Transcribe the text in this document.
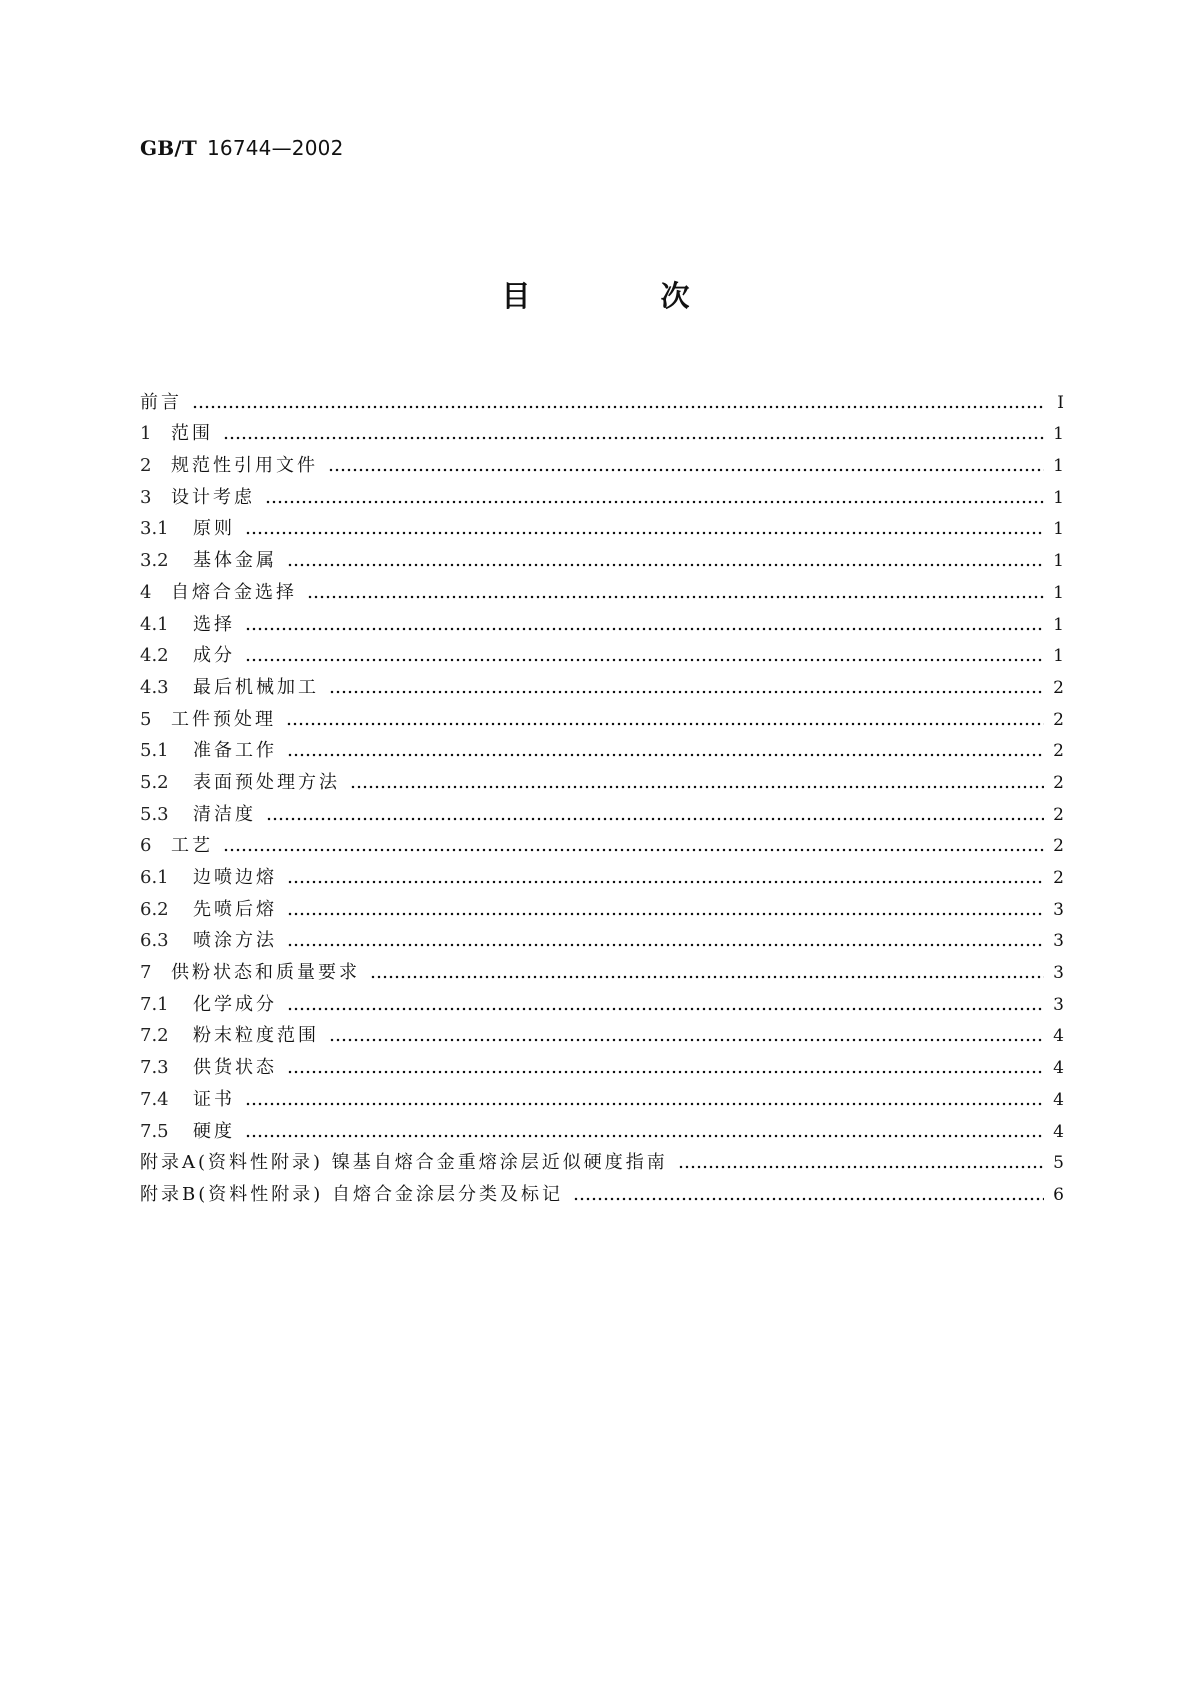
GB/T 16744—2002
目 次
前言	Ⅰ
1	范围	1
2	规范性引用文件	1
3	设计考虑	1
3.1	原则	1
3.2	基体金属	1
4	自熔合金选择	1
4.1	选择	1
4.2	成分	1
4.3	最后机械加工	2
5	工件预处理	2
5.1	准备工作	2
5.2	表面预处理方法	2
5.3	清洁度	2
6	工艺	2
6.1	边喷边熔	2
6.2	先喷后熔	3
6.3	喷涂方法	3
7	供粉状态和质量要求	3
7.1	化学成分	3
7.2	粉末粒度范围	4
7.3	供货状态	4
7.4	证书	4
7.5	硬度	4
附录A(资料性附录) 镍基自熔合金重熔涂层近似硬度指南	5
附录B(资料性附录) 自熔合金涂层分类及标记	6
